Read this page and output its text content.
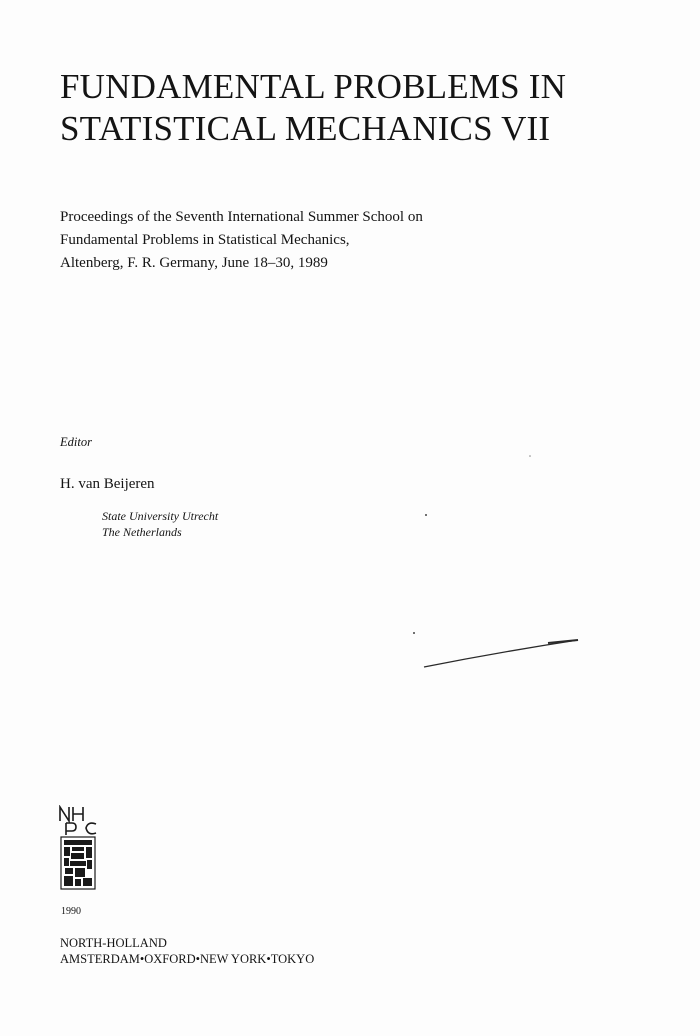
FUNDAMENTAL PROBLEMS IN
STATISTICAL MECHANICS VII
Proceedings of the Seventh International Summer School on
Fundamental Problems in Statistical Mechanics,
Altenberg, F. R. Germany, June 18–30, 1989
Editor
H. van Beijeren
State University Utrecht
The Netherlands
1990
NORTH-HOLLAND
AMSTERDAM•OXFORD•NEW YORK•TOKYO
